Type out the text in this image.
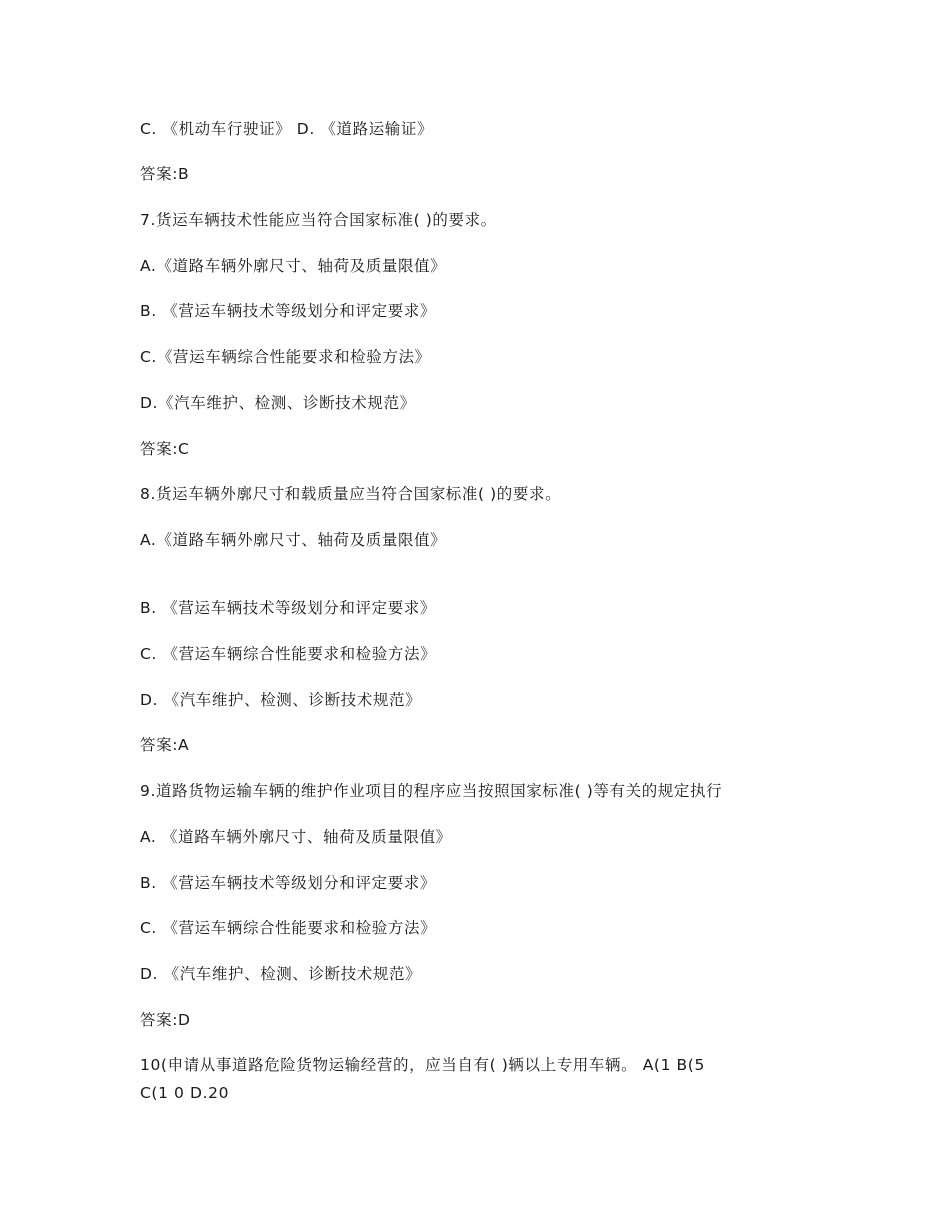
C. 《机动车行驶证》 D. 《道路运输证》
答案:B
7.货运车辆技术性能应当符合国家标准( )的要求。
A.《道路车辆外廓尺寸、轴荷及质量限值》
B. 《营运车辆技术等级划分和评定要求》
C.《营运车辆综合性能要求和检验方法》
D.《汽车维护、检测、诊断技术规范》
答案:C
8.货运车辆外廓尺寸和载质量应当符合国家标准( )的要求。
A.《道路车辆外廓尺寸、轴荷及质量限值》
B. 《营运车辆技术等级划分和评定要求》
C. 《营运车辆综合性能要求和检验方法》
D. 《汽车维护、检测、诊断技术规范》
答案:A
9.道路货物运输车辆的维护作业项目的程序应当按照国家标准( )等有关的规定执行
A. 《道路车辆外廓尺寸、轴荷及质量限值》
B. 《营运车辆技术等级划分和评定要求》
C. 《营运车辆综合性能要求和检验方法》
D. 《汽车维护、检测、诊断技术规范》
答案:D
10(申请从事道路危险货物运输经营的，应当自有( )辆以上专用车辆。 A(1 B(5
C(1 0 D.20
